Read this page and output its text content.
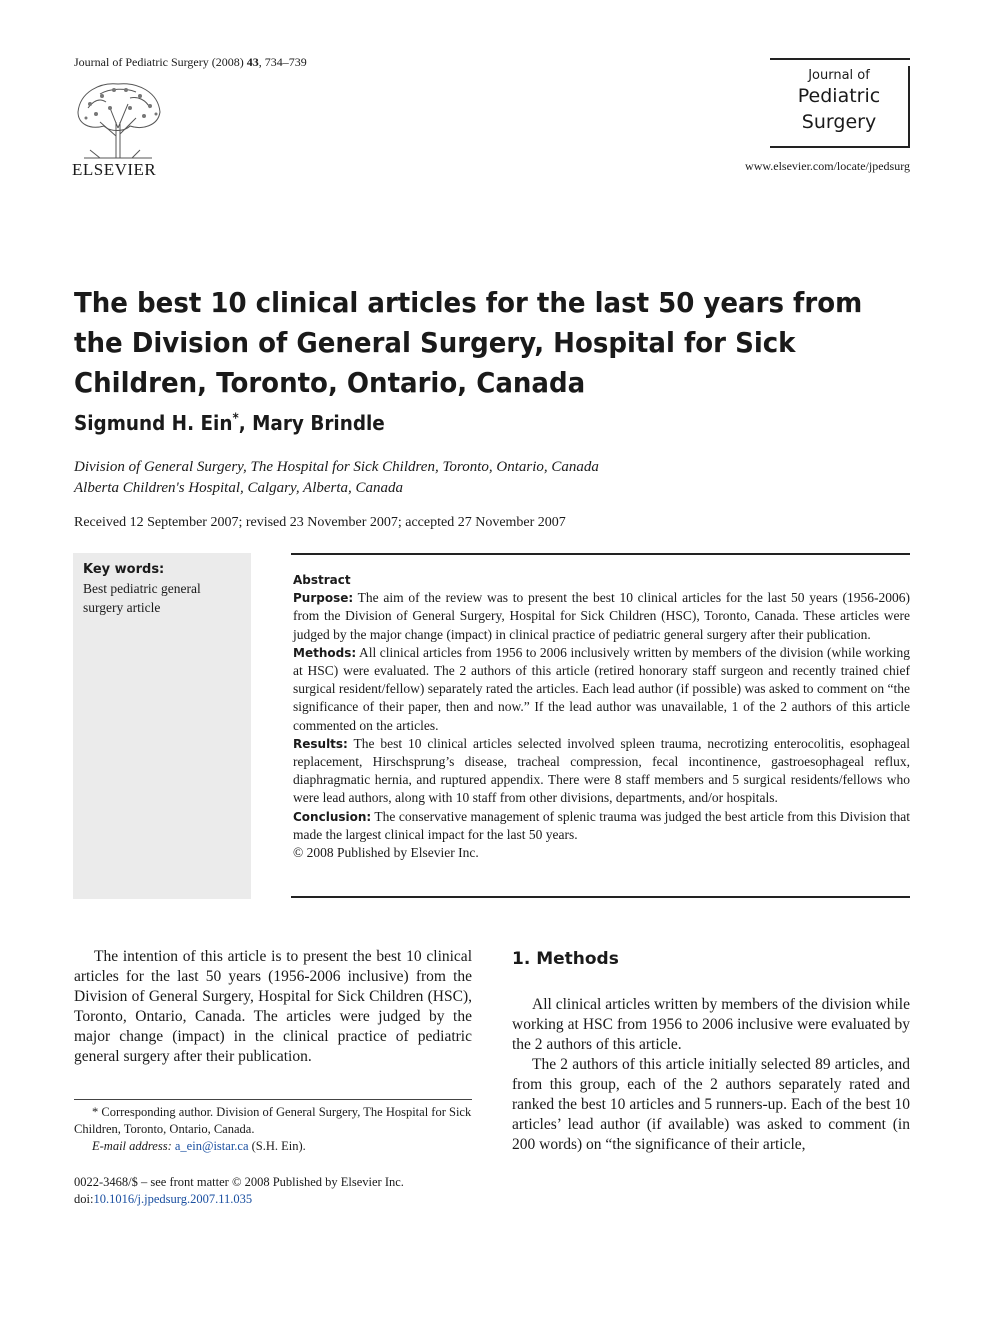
Journal of Pediatric Surgery (2008) 43, 734–739
ELSEVIER
Journal of
Pediatric
Surgery
www.elsevier.com/locate/jpedsurg
The best 10 clinical articles for the last 50 years from the Division of General Surgery, Hospital for Sick Children, Toronto, Ontario, Canada
Sigmund H. Ein*, Mary Brindle
Division of General Surgery, The Hospital for Sick Children, Toronto, Ontario, Canada
Alberta Children's Hospital, Calgary, Alberta, Canada
Received 12 September 2007; revised 23 November 2007; accepted 27 November 2007
Key words:
Best pediatric general surgery article

Abstract

Purpose: The aim of the review was to present the best 10 clinical articles for the last 50 years (1956-2006) from the Division of General Surgery, Hospital for Sick Children (HSC), Toronto, Canada. These articles were judged by the major change (impact) in clinical practice of pediatric general surgery after their publication.

Methods: All clinical articles from 1956 to 2006 inclusively written by members of the division (while working at HSC) were evaluated. The 2 authors of this article (retired honorary staff surgeon and recently trained chief surgical resident/fellow) separately rated the articles. Each lead author (if possible) was asked to comment on “the significance of their paper, then and now.” If the lead author was unavailable, 1 of the 2 authors of this article commented on the articles.

Results: The best 10 clinical articles selected involved spleen trauma, necrotizing enterocolitis, esophageal replacement, Hirschsprung’s disease, tracheal compression, fecal incontinence, gastroesophageal reflux, diaphragmatic hernia, and ruptured appendix. There were 8 staff members and 5 surgical residents/fellows who were lead authors, along with 10 staff from other divisions, departments, and/or hospitals.

Conclusion: The conservative management of splenic trauma was judged the best article from this Division that made the largest clinical impact for the last 50 years.

© 2008 Published by Elsevier Inc.

The intention of this article is to present the best 10 clinical articles for the last 50 years (1956-2006 inclusive) from the Division of General Surgery, Hospital for Sick Children (HSC), Toronto, Ontario, Canada. The articles were judged by the major change (impact) in the clinical practice of pediatric general surgery after their publication.

* Corresponding author. Division of General Surgery, The Hospital for Sick Children, Toronto, Ontario, Canada.

E-mail address: a_ein@istar.ca (S.H. Ein).

0022-3468/$ – see front matter © 2008 Published by Elsevier Inc.
doi:10.1016/j.jpedsurg.2007.11.035
1. Methods

All clinical articles written by members of the division while working at HSC from 1956 to 2006 inclusive were evaluated by the 2 authors of this article.

The 2 authors of this article initially selected 89 articles, and from this group, each of the 2 authors separately rated and ranked the best 10 articles and 5 runners-up. Each of the best 10 articles’ lead author (if available) was asked to comment (in 200 words) on “the significance of their article,
